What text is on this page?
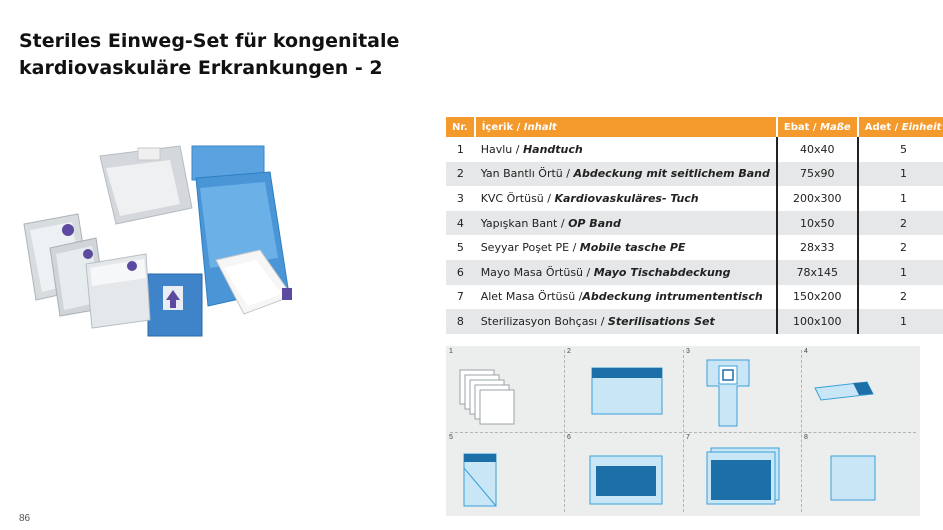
Steriles Einweg-Set für kongenitale
kardiovaskuläre Erkrankungen - 2
Nr.	İçerik / Inhalt	Ebat / Maße	Adet / Einheit
1	Havlu / Handtuch	40x40	5
2	Yan Bantlı Örtü / Abdeckung mit seitlichem Band	75x90	1
3	KVC Örtüsü / Kardiovaskuläres- Tuch	200x300	1
4	Yapışkan Bant / OP Band	10x50	2
5	Seyyar Poşet PE / Mobile tasche PE	28x33	2
6	Mayo Masa Örtüsü / Mayo Tischabdeckung	78x145	1
7	Alet Masa Örtüsü /Abdeckung intrumententisch	150x200	2
8	Sterilizasyon Bohçası / Sterilisations Set	100x100	1
1	2	3	4
5	6	7	8
86
